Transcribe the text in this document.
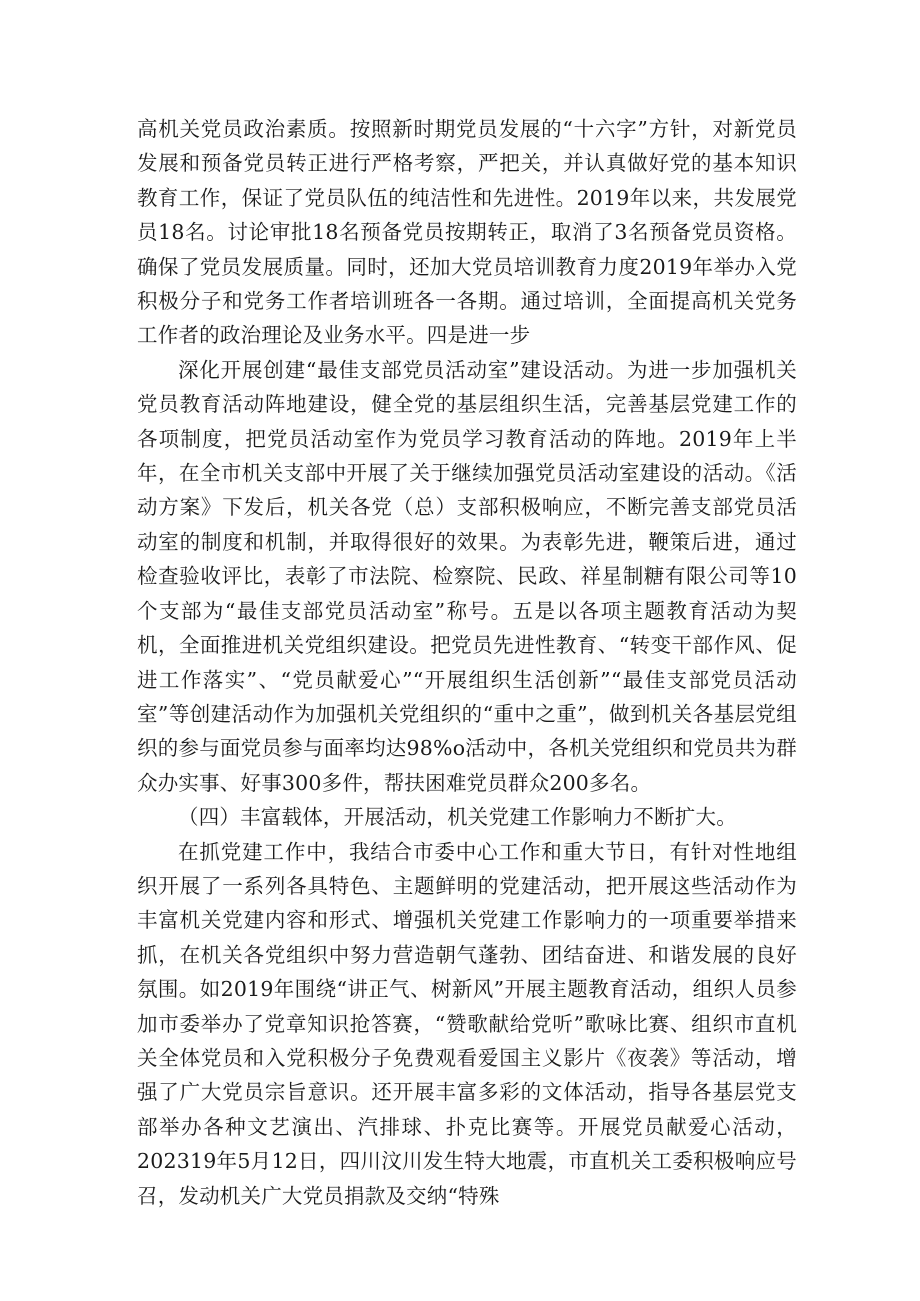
高机关党员政治素质。按照新时期党员发展的“十六字”方针，对新党员发展和预备党员转正进行严格考察，严把关，并认真做好党的基本知识教育工作，保证了党员队伍的纯洁性和先进性。2019年以来，共发展党员18名。讨论审批18名预备党员按期转正，取消了3名预备党员资格。确保了党员发展质量。同时，还加大党员培训教育力度2019年举办入党积极分子和党务工作者培训班各一各期。通过培训，全面提高机关党务工作者的政治理论及业务水平。四是进一步

深化开展创建“最佳支部党员活动室”建设活动。为进一步加强机关党员教育活动阵地建设，健全党的基层组织生活，完善基层党建工作的各项制度，把党员活动室作为党员学习教育活动的阵地。2019年上半年，在全市机关支部中开展了关于继续加强党员活动室建设的活动。《活动方案》下发后，机关各党（总）支部积极响应，不断完善支部党员活动室的制度和机制，并取得很好的效果。为表彰先进，鞭策后进，通过检查验收评比，表彰了市法院、检察院、民政、祥星制糖有限公司等10个支部为“最佳支部党员活动室”称号。五是以各项主题教育活动为契机，全面推进机关党组织建设。把党员先进性教育、“转变干部作风、促进工作落实”、“党员献爱心”“开展组织生活创新”“最佳支部党员活动室”等创建活动作为加强机关党组织的“重中之重”，做到机关各基层党组织的参与面党员参与面率均达98%o活动中，各机关党组织和党员共为群众办实事、好事300多件，帮扶困难党员群众200多名。

（四）丰富载体，开展活动，机关党建工作影响力不断扩大。

在抓党建工作中，我结合市委中心工作和重大节日，有针对性地组织开展了一系列各具特色、主题鲜明的党建活动，把开展这些活动作为丰富机关党建内容和形式、增强机关党建工作影响力的一项重要举措来抓，在机关各党组织中努力营造朝气蓬勃、团结奋进、和谐发展的良好氛围。如2019年围绕“讲正气、树新风”开展主题教育活动，组织人员参加市委举办了党章知识抢答赛，“赞歌献给党听”歌咏比赛、组织市直机关全体党员和入党积极分子免费观看爱国主义影片《夜袭》等活动，增强了广大党员宗旨意识。还开展丰富多彩的文体活动，指导各基层党支部举办各种文艺演出、汽排球、扑克比赛等。开展党员献爱心活动，202319年5月12日，四川汶川发生特大地震，市直机关工委积极响应号召，发动机关广大党员捐款及交纳“特殊
